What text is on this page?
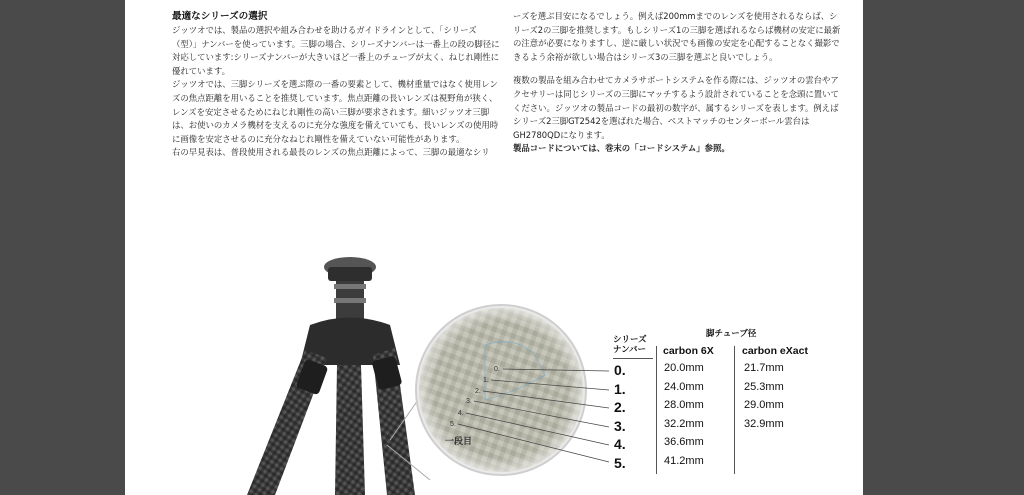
最適なシリーズの選択

ジッツオでは、製品の選択や組み合わせを助けるガイドラインとして、「シリーズ（型）」ナンバーを使っています。三脚の場合、シリーズナンバーは一番上の段の脚径に対応しています:シリーズナンバーが大きいほど一番上のチューブが太く、ねじれ剛性に優れています。

ジッツオでは、三脚シリーズを選ぶ際の一番の要素として、機材重量ではなく使用レンズの焦点距離を用いることを推奨しています。焦点距離の長いレンズは視野角が狭く、レンズを安定させるためにねじれ剛性の高い三脚が要求されます。細いジッツオ三脚は、お使いのカメラ機材を支えるのに充分な強度を備えていても、長いレンズの使用時に画像を安定させるのに充分なねじれ剛性を備えていない可能性があります。

右の早見表は、普段使用される最長のレンズの焦点距離によって、三脚の最適なシリ

ーズを選ぶ目安になるでしょう。例えば200mmまでのレンズを使用されるならば、シリーズ2の三脚を推奨します。もしシリーズ1の三脚を選ばれるならば機材の安定に最新の注意が必要になりますし、逆に厳しい状況でも画像の安定を心配することなく撮影できるよう余裕が欲しい場合はシリーズ3の三脚を選ぶと良いでしょう。

複数の製品を組み合わせてカメラサポートシステムを作る際には、ジッツオの雲台やアクセサリーは同じシリーズの三脚にマッチするよう設計されていることを念頭に置いてください。ジッツオの製品コードの最初の数字が、属するシリーズを表します。例えばシリーズ2三脚GT2542を選ばれた場合、ベストマッチのセンターボール雲台はGH2780QDになります。

製品コードについては、巻末の「コードシステム」参照。

0.
1.
2.
3.
4.
5.
一段目
シリーズ
ナンバー
脚チューブ径
carbon 6X	carbon eXact
0.	20.0mm	21.7mm
1.	24.0mm	25.3mm
2.	28.0mm	29.0mm
3.	32.2mm	32.9mm
4.	36.6mm
5.	41.2mm
